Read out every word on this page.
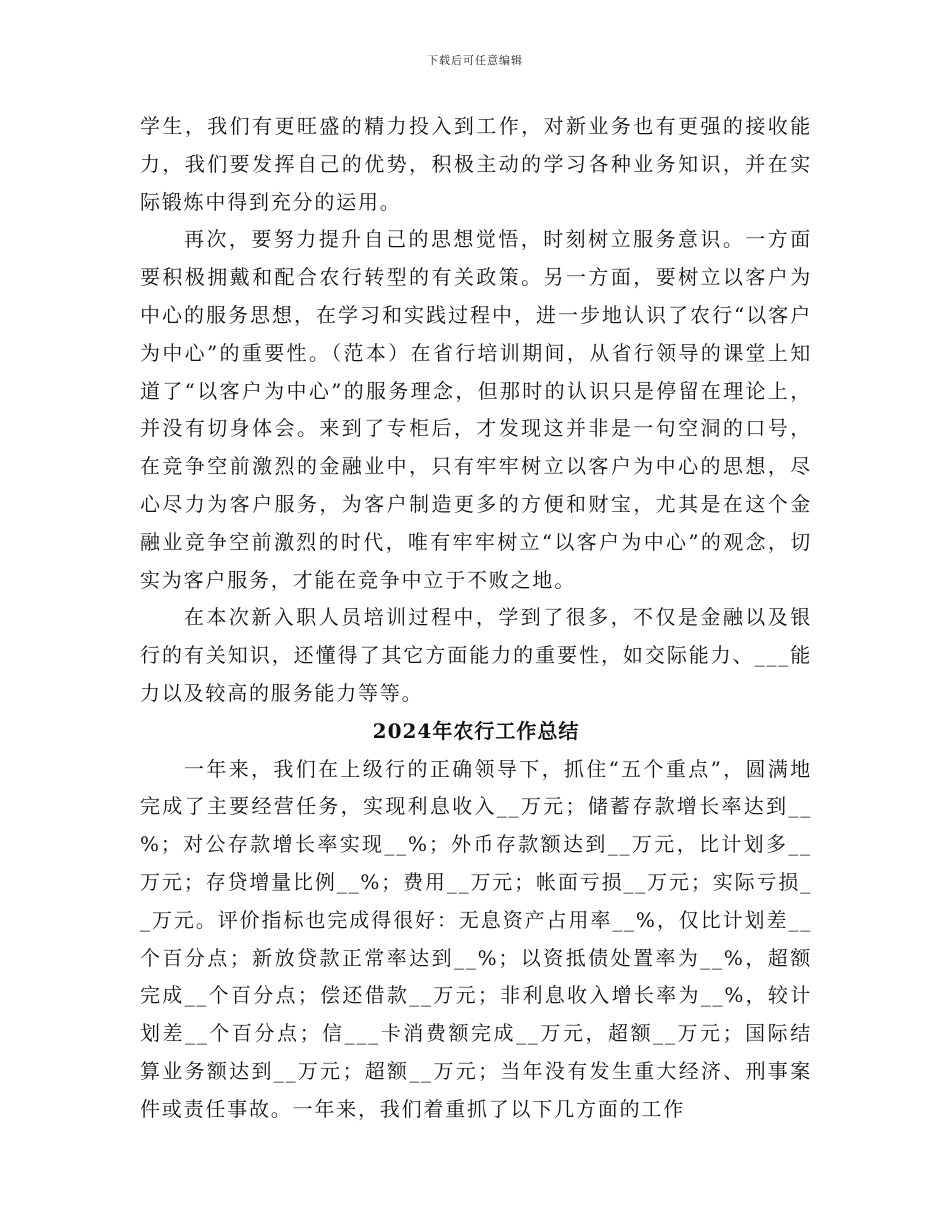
下载后可任意编辑

学生，我们有更旺盛的精力投入到工作，对新业务也有更强的接收能力，我们要发挥自己的优势，积极主动的学习各种业务知识，并在实际锻炼中得到充分的运用。

再次，要努力提升自己的思想觉悟，时刻树立服务意识。一方面要积极拥戴和配合农行转型的有关政策。另一方面，要树立以客户为中心的服务思想，在学习和实践过程中，进一步地认识了农行“以客户为中心”的重要性。（范本）在省行培训期间，从省行领导的课堂上知道了“以客户为中心”的服务理念，但那时的认识只是停留在理论上，并没有切身体会。来到了专柜后，才发现这并非是一句空洞的口号，在竞争空前激烈的金融业中，只有牢牢树立以客户为中心的思想，尽心尽力为客户服务，为客户制造更多的方便和财宝，尤其是在这个金融业竞争空前激烈的时代，唯有牢牢树立“以客户为中心”的观念，切实为客户服务，才能在竞争中立于不败之地。

在本次新入职人员培训过程中，学到了很多，不仅是金融以及银行的有关知识，还懂得了其它方面能力的重要性，如交际能力、___能力以及较高的服务能力等等。

2024年农行工作总结

一年来，我们在上级行的正确领导下，抓住“五个重点”，圆满地完成了主要经营任务，实现利息收入__万元；储蓄存款增长率达到__%；对公存款增长率实现__%；外币存款额达到__万元，比计划多__万元；存贷增量比例__%；费用__万元；帐面亏损__万元；实际亏损__万元。评价指标也完成得很好：无息资产占用率__%，仅比计划差__个百分点；新放贷款正常率达到__%；以资抵债处置率为__%，超额完成__个百分点；偿还借款__万元；非利息收入增长率为__%，较计划差__个百分点；信___卡消费额完成__万元，超额__万元；国际结算业务额达到__万元；超额__万元；当年没有发生重大经济、刑事案件或责任事故。一年来，我们着重抓了以下几方面的工作
